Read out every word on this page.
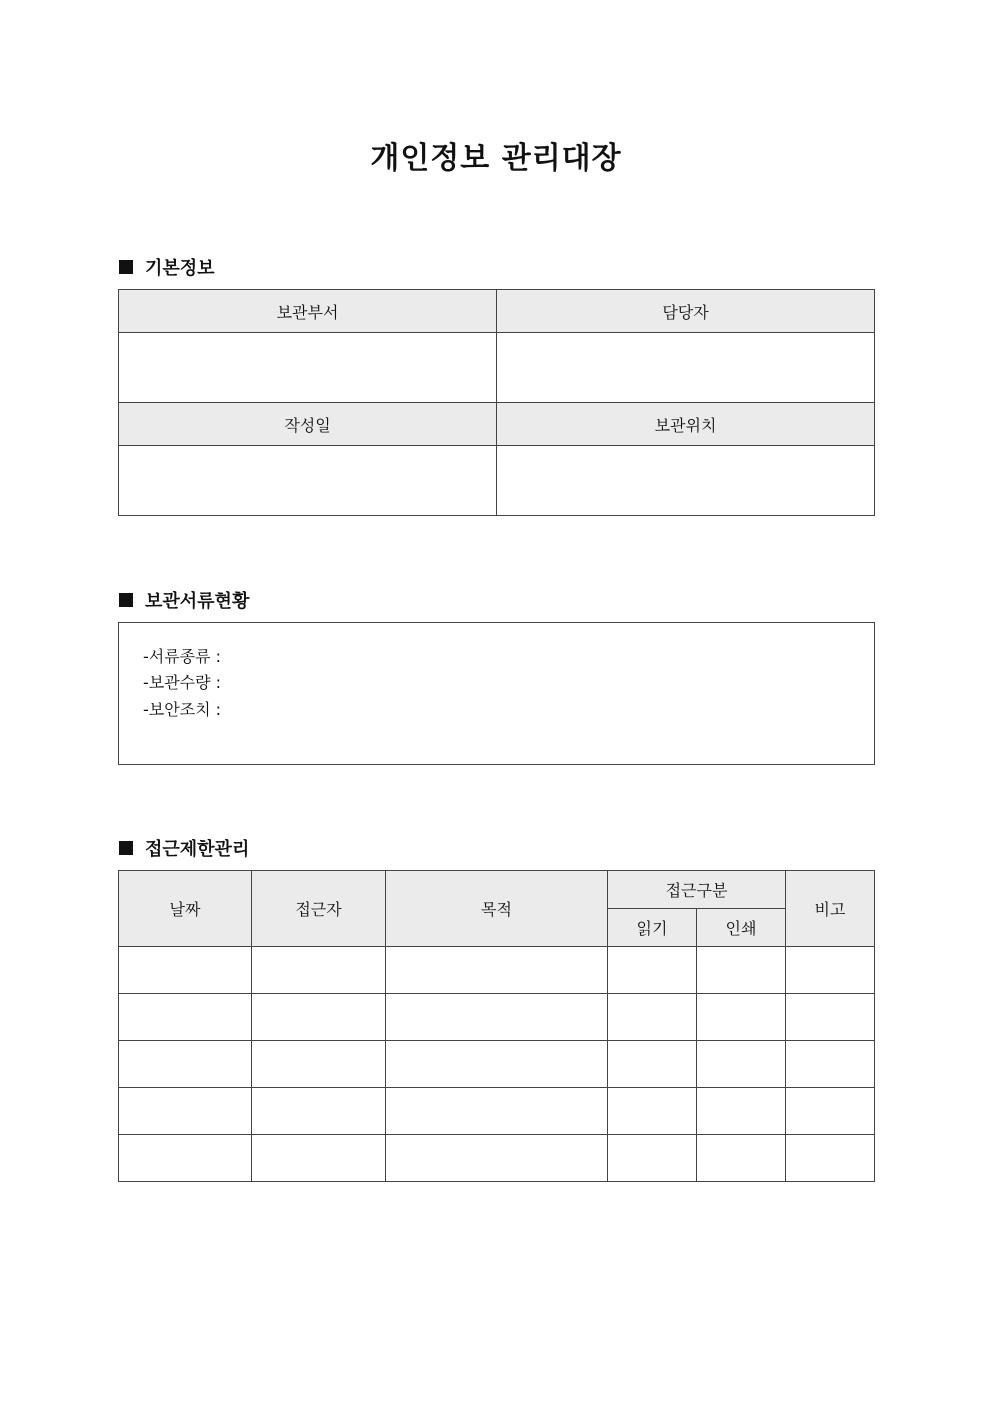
개인정보 관리대장
기본정보
보관부서	담당자

작성일	보관위치

보관서류현황
-서류종류 :
-보관수량 :
-보안조치 :
접근제한관리
날짜	접근자	목적	접근구분		비고
			읽기	인쇄	
